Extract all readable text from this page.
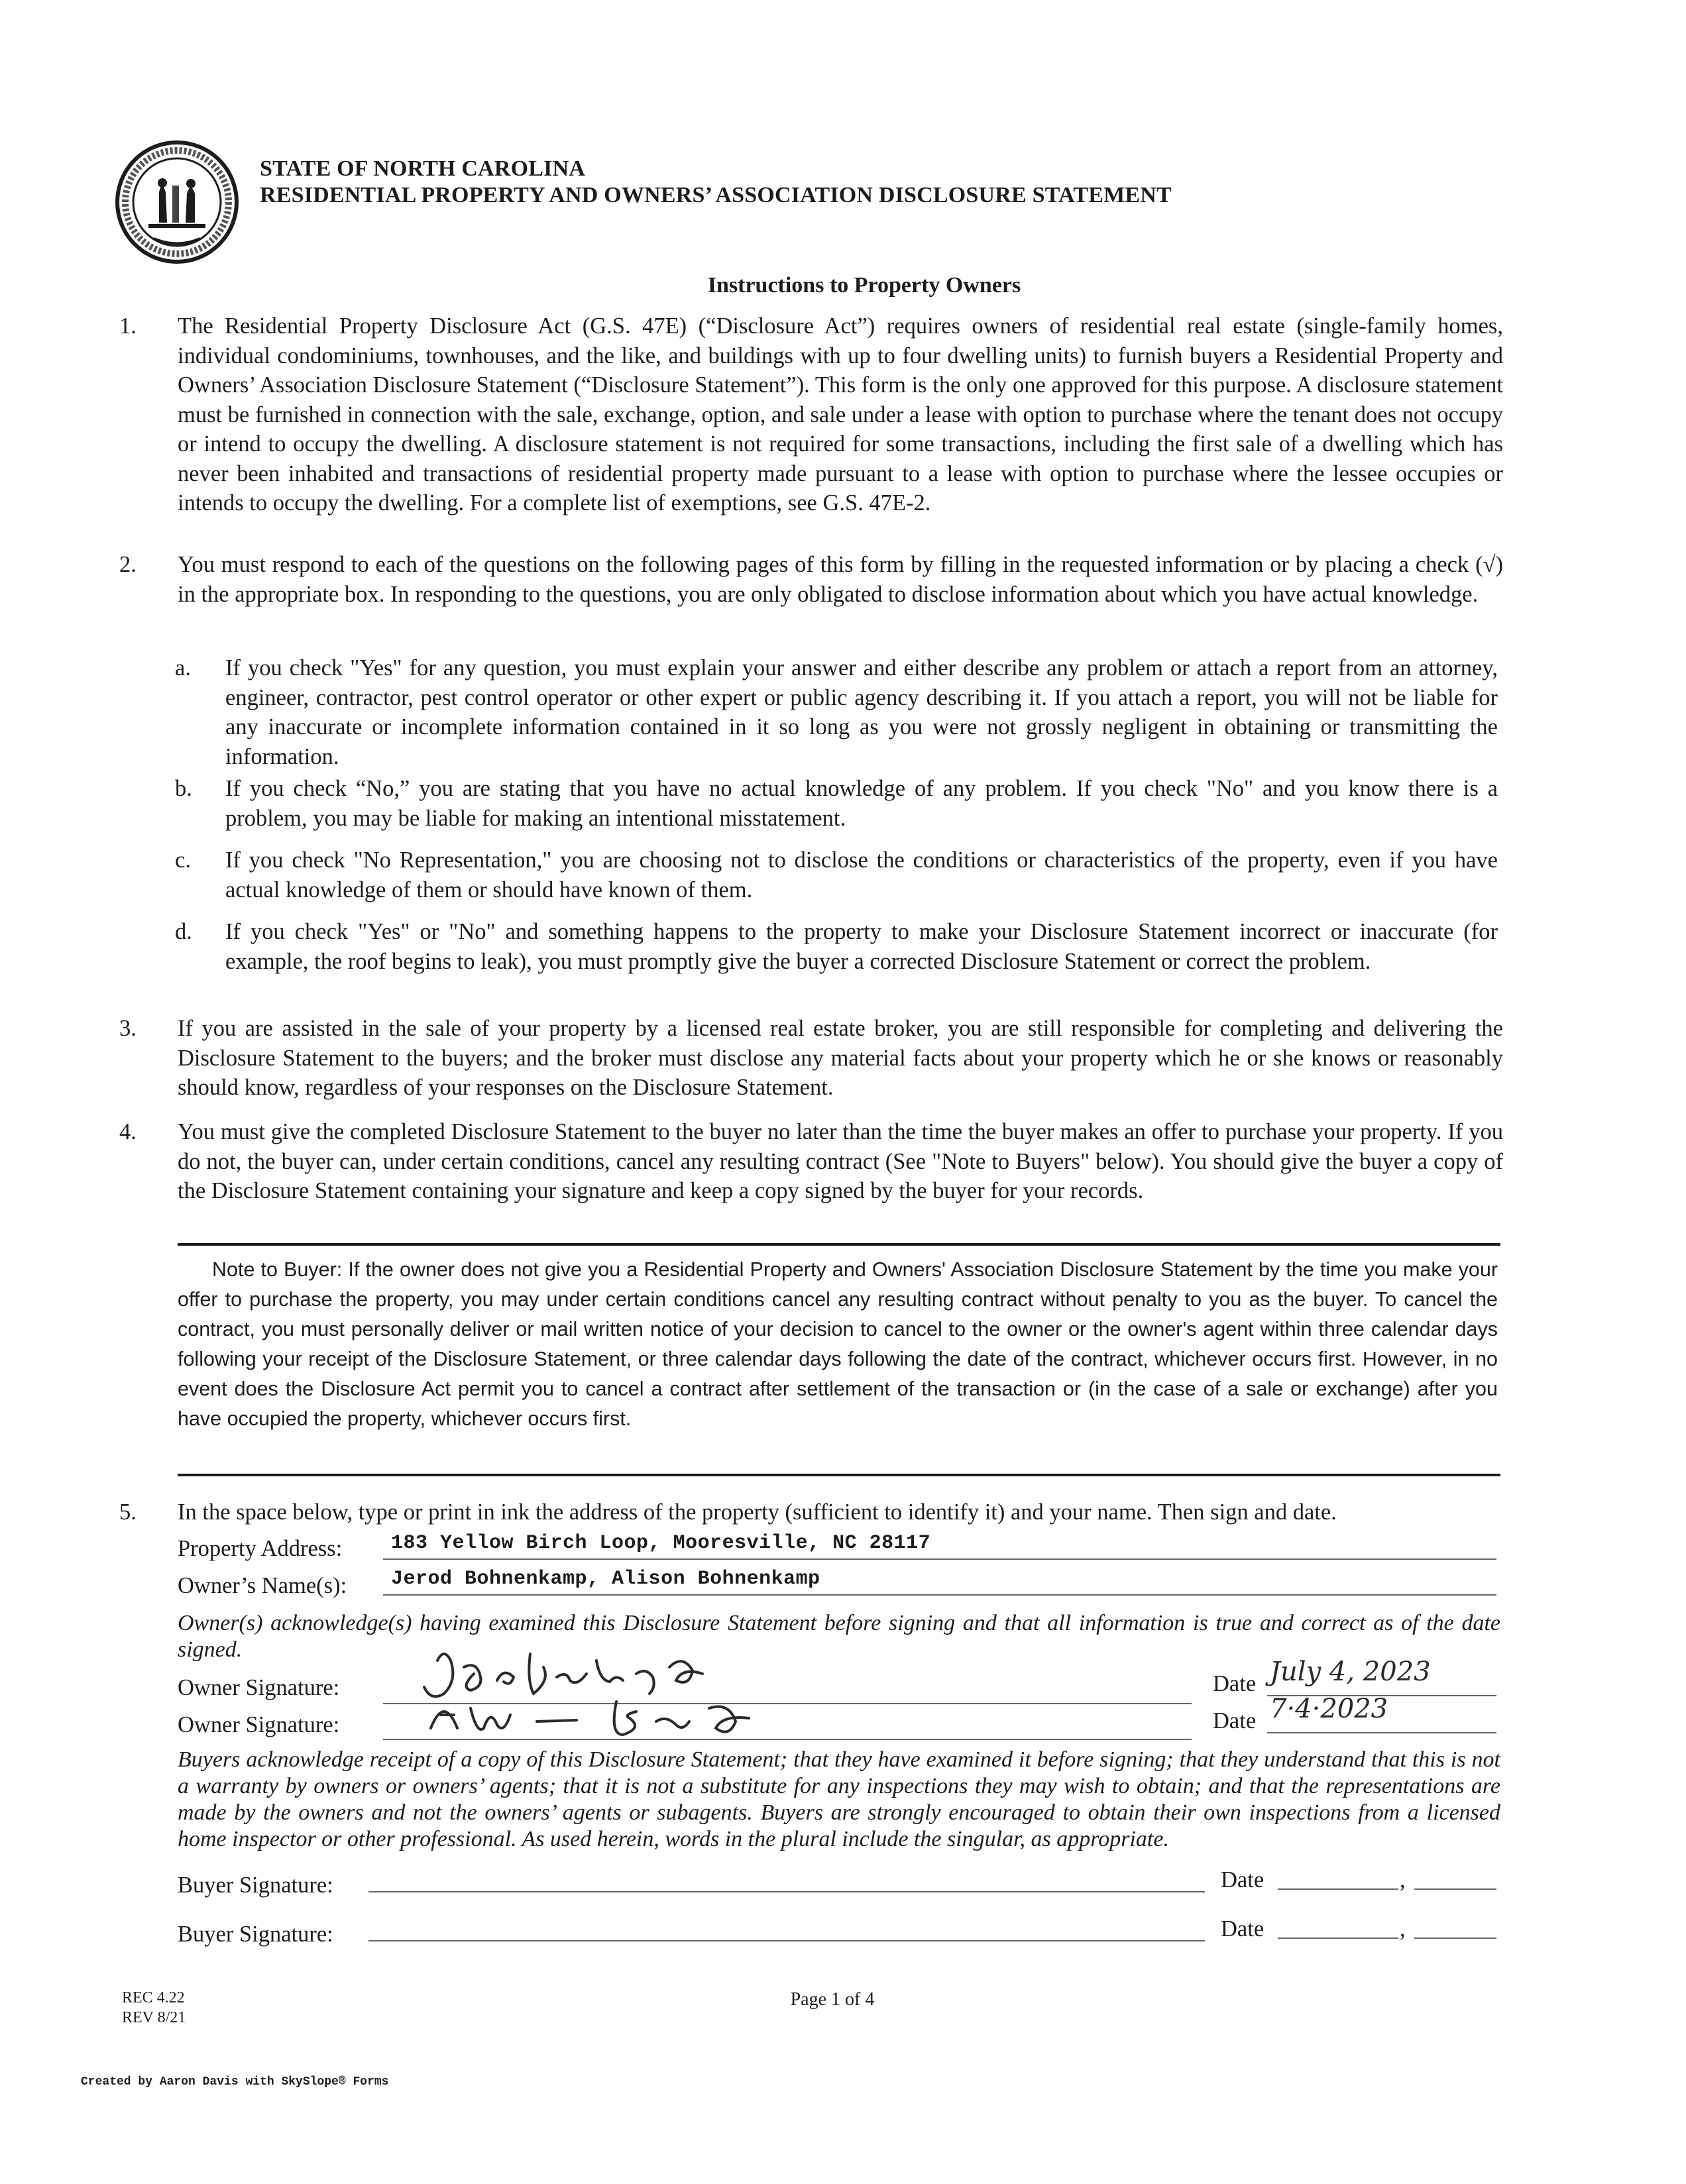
STATE OF NORTH CAROLINA
RESIDENTIAL PROPERTY AND OWNERS’ ASSOCIATION DISCLOSURE STATEMENT
Instructions to Property Owners
1. The Residential Property Disclosure Act (G.S. 47E) (“Disclosure Act”) requires owners of residential real estate (single-family homes, individual condominiums, townhouses, and the like, and buildings with up to four dwelling units) to furnish buyers a Residential Property and Owners’ Association Disclosure Statement (“Disclosure Statement”). This form is the only one approved for this purpose. A disclosure statement must be furnished in connection with the sale, exchange, option, and sale under a lease with option to purchase where the tenant does not occupy or intend to occupy the dwelling. A disclosure statement is not required for some transactions, including the first sale of a dwelling which has never been inhabited and transactions of residential property made pursuant to a lease with option to purchase where the lessee occupies or intends to occupy the dwelling. For a complete list of exemptions, see G.S. 47E-2.
2. You must respond to each of the questions on the following pages of this form by filling in the requested information or by placing a check (√) in the appropriate box. In responding to the questions, you are only obligated to disclose information about which you have actual knowledge.
a. If you check "Yes" for any question, you must explain your answer and either describe any problem or attach a report from an attorney, engineer, contractor, pest control operator or other expert or public agency describing it. If you attach a report, you will not be liable for any inaccurate or incomplete information contained in it so long as you were not grossly negligent in obtaining or transmitting the information.
b. If you check “No,” you are stating that you have no actual knowledge of any problem. If you check "No" and you know there is a problem, you may be liable for making an intentional misstatement.
c. If you check "No Representation," you are choosing not to disclose the conditions or characteristics of the property, even if you have actual knowledge of them or should have known of them.
d. If you check "Yes" or "No" and something happens to the property to make your Disclosure Statement incorrect or inaccurate (for example, the roof begins to leak), you must promptly give the buyer a corrected Disclosure Statement or correct the problem.
3. If you are assisted in the sale of your property by a licensed real estate broker, you are still responsible for completing and delivering the Disclosure Statement to the buyers; and the broker must disclose any material facts about your property which he or she knows or reasonably should know, regardless of your responses on the Disclosure Statement.
4. You must give the completed Disclosure Statement to the buyer no later than the time the buyer makes an offer to purchase your property. If you do not, the buyer can, under certain conditions, cancel any resulting contract (See "Note to Buyers" below). You should give the buyer a copy of the Disclosure Statement containing your signature and keep a copy signed by the buyer for your records.
Note to Buyer: If the owner does not give you a Residential Property and Owners' Association Disclosure Statement by the time you make your offer to purchase the property, you may under certain conditions cancel any resulting contract without penalty to you as the buyer. To cancel the contract, you must personally deliver or mail written notice of your decision to cancel to the owner or the owner's agent within three calendar days following your receipt of the Disclosure Statement, or three calendar days following the date of the contract, whichever occurs first. However, in no event does the Disclosure Act permit you to cancel a contract after settlement of the transaction or (in the case of a sale or exchange) after you have occupied the property, whichever occurs first.
5. In the space below, type or print in ink the address of the property (sufficient to identify it) and your name. Then sign and date.
Property Address: 183 Yellow Birch Loop, Mooresville, NC 28117
Owner’s Name(s): Jerod Bohnenkamp, Alison Bohnenkamp
Owner(s) acknowledge(s) having examined this Disclosure Statement before signing and that all information is true and correct as of the date signed.
Owner Signature:	Date July 4, 2023
Owner Signature:	Date 7·4·2023
Buyers acknowledge receipt of a copy of this Disclosure Statement; that they have examined it before signing; that they understand that this is not a warranty by owners or owners’ agents; that it is not a substitute for any inspections they may wish to obtain; and that the representations are made by the owners and not the owners’ agents or subagents. Buyers are strongly encouraged to obtain their own inspections from a licensed home inspector or other professional. As used herein, words in the plural include the singular, as appropriate.
Buyer Signature:	Date	,
Buyer Signature:	Date	,
REC 4.22
REV 8/21
Page 1 of 4
Created by Aaron Davis with SkySlope® Forms
